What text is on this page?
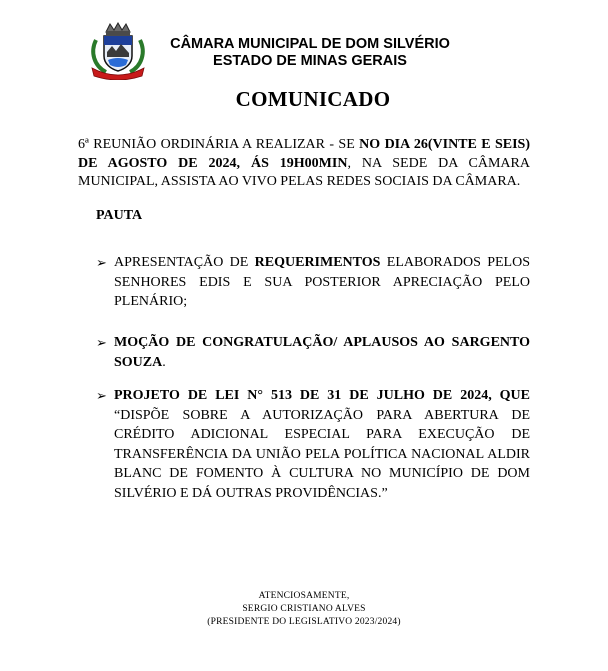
CÂMARA MUNICIPAL DE DOM SILVÉRIO
ESTADO DE MINAS GERAIS
COMUNICADO
6ª REUNIÃO ORDINÁRIA A REALIZAR - SE NO DIA 26(VINTE E SEIS) DE AGOSTO DE 2024, ÁS 19H00MIN, NA SEDE DA CÂMARA MUNICIPAL, ASSISTA AO VIVO PELAS REDES SOCIAIS DA CÂMARA.
PAUTA
➢ APRESENTAÇÃO DE REQUERIMENTOS ELABORADOS PELOS SENHORES EDIS E SUA POSTERIOR APRECIAÇÃO PELO PLENÁRIO;
➢ MOÇÃO DE CONGRATULAÇÃO/ APLAUSOS AO SARGENTO SOUZA.
➢ PROJETO DE LEI N° 513 DE 31 DE JULHO DE 2024, QUE “DISPÕE SOBRE A AUTORIZAÇÃO PARA ABERTURA DE CRÉDITO ADICIONAL ESPECIAL PARA EXECUÇÃO DE TRANSFERÊNCIA DA UNIÃO PELA POLÍTICA NACIONAL ALDIR BLANC DE FOMENTO À CULTURA NO MUNICÍPIO DE DOM SILVÉRIO E DÁ OUTRAS PROVIDÊNCIAS.”
ATENCIOSAMENTE,
SERGIO CRISTIANO ALVES
(PRESIDENTE DO LEGISLATIVO 2023/2024)
